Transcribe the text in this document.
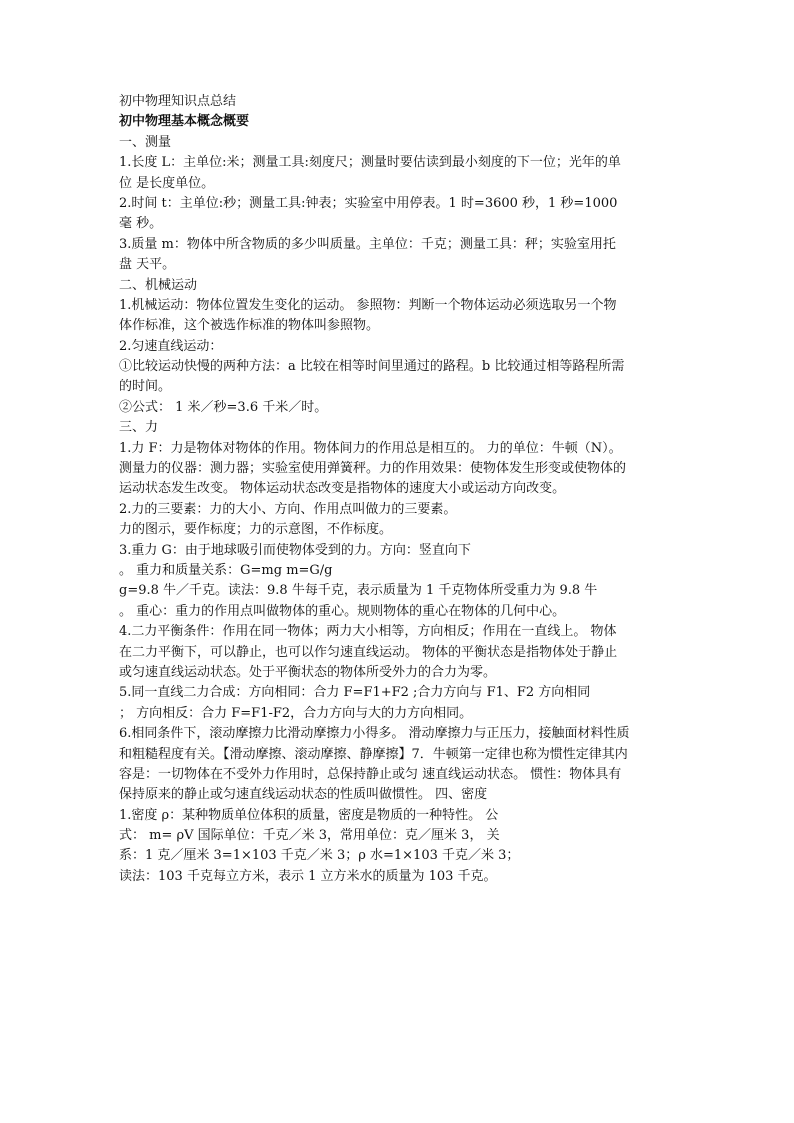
初中物理知识点总结
初中物理基本概念概要
一、测量
1.长度 L：主单位:米；测量工具:刻度尺；测量时要估读到最小刻度的下一位；光年的单
位 是长度单位。
2.时间 t：主单位:秒；测量工具:钟表；实验室中用停表。1 时=3600 秒，1 秒=1000
毫 秒。
3.质量 m：物体中所含物质的多少叫质量。主单位：千克；测量工具：秤；实验室用托
盘 天平。
二、机械运动
1.机械运动：物体位置发生变化的运动。 参照物：判断一个物体运动必须选取另一个物
体作标准，这个被选作标准的物体叫参照物。
2.匀速直线运动：
①比较运动快慢的两种方法：a 比较在相等时间里通过的路程。b 比较通过相等路程所需
的时间。
②公式： 1 米／秒=3.6 千米／时。
三、力
1.力 F：力是物体对物体的作用。物体间力的作用总是相互的。 力的单位：牛顿（N）。
测量力的仪器：测力器；实验室使用弹簧秤。力的作用效果：使物体发生形变或使物体的
运动状态发生改变。 物体运动状态改变是指物体的速度大小或运动方向改变。
2.力的三要素：力的大小、方向、作用点叫做力的三要素。
力的图示，要作标度；力的示意图，不作标度。
3.重力 G：由于地球吸引而使物体受到的力。方向：竖直向下
。 重力和质量关系：G=mg m=G/g
g=9.8 牛／千克。读法：9.8 牛每千克，表示质量为 1 千克物体所受重力为 9.8 牛
。 重心：重力的作用点叫做物体的重心。规则物体的重心在物体的几何中心。
4.二力平衡条件：作用在同一物体；两力大小相等，方向相反；作用在一直线上。 物体
在二力平衡下，可以静止，也可以作匀速直线运动。 物体的平衡状态是指物体处于静止
或匀速直线运动状态。处于平衡状态的物体所受外力的合力为零。
5.同一直线二力合成：方向相同：合力 F=F1+F2 ;合力方向与 F1、F2 方向相同
； 方向相反：合力 F=F1-F2，合力方向与大的力方向相同。
6.相同条件下，滚动摩擦力比滑动摩擦力小得多。 滑动摩擦力与正压力，接触面材料性质
和粗糙程度有关。【滑动摩擦、滚动摩擦、静摩擦】7．牛顿第一定律也称为惯性定律其内
容是：一切物体在不受外力作用时，总保持静止或匀 速直线运动状态。 惯性：物体具有
保持原来的静止或匀速直线运动状态的性质叫做惯性。 四、密度
1.密度 ρ：某种物质单位体积的质量，密度是物质的一种特性。 公
式： m= ρV 国际单位：千克／米 3，常用单位：克／厘米 3， 关
系：1 克／厘米 3=1×103 千克／米 3；ρ 水=1×103 千克／米 3；
读法：103 千克每立方米，表示 1 立方米水的质量为 103 千克。
